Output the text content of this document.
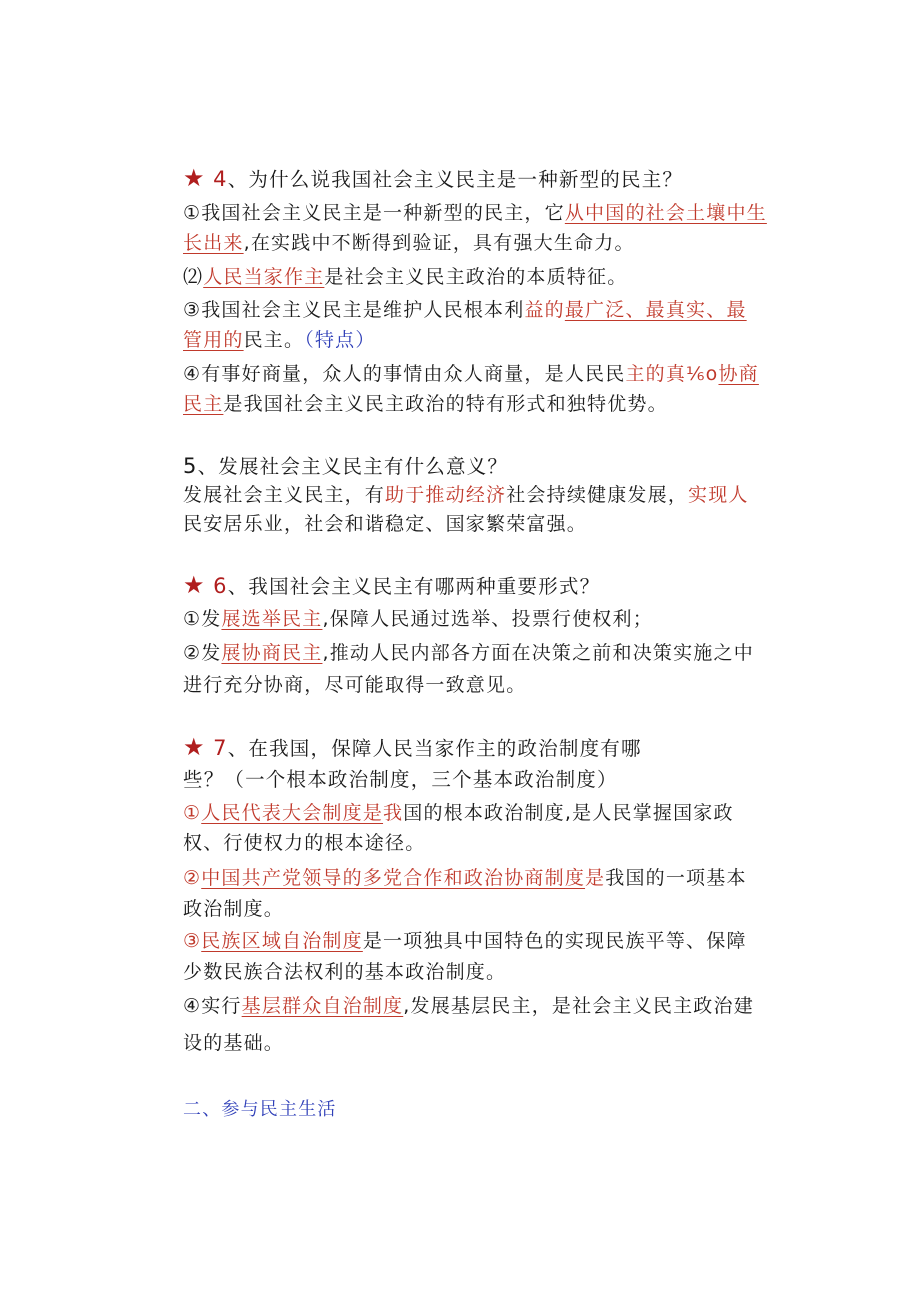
★ 4、为什么说我国社会主义民主是一种新型的民主？
①我国社会主义民主是一种新型的民主，它从中国的社会土壤中生
长出来,在实践中不断得到验证，具有强大生命力。
⑵人民当家作主是社会主义民主政治的本质特征。
③我国社会主义民主是维护人民根本利益的最广泛、最真实、最
管用的民主。（特点）
④有事好商量，众人的事情由众人商量，是人民民主的真⅙o协商
民主是我国社会主义民主政治的特有形式和独特优势。
5、发展社会主义民主有什么意义？
发展社会主义民主，有助于推动经济社会持续健康发展，实现人
民安居乐业，社会和谐稳定、国家繁荣富强。
★ 6、我国社会主义民主有哪两种重要形式？
①发展选举民主,保障人民通过选举、投票行使权利；
②发展协商民主,推动人民内部各方面在决策之前和决策实施之中
进行充分协商，尽可能取得一致意见。
★ 7、在我国，保障人民当家作主的政治制度有哪
些？（一个根本政治制度，三个基本政治制度）
①人民代表大会制度是我国的根本政治制度,是人民掌握国家政
权、行使权力的根本途径。
②中国共产党领导的多党合作和政治协商制度是我国的一项基本
政治制度。
③民族区域自治制度是一项独具中国特色的实现民族平等、保障
少数民族合法权利的基本政治制度。
④实行基层群众自治制度,发展基层民主，是社会主义民主政治建
设的基础。
二、参与民主生活
